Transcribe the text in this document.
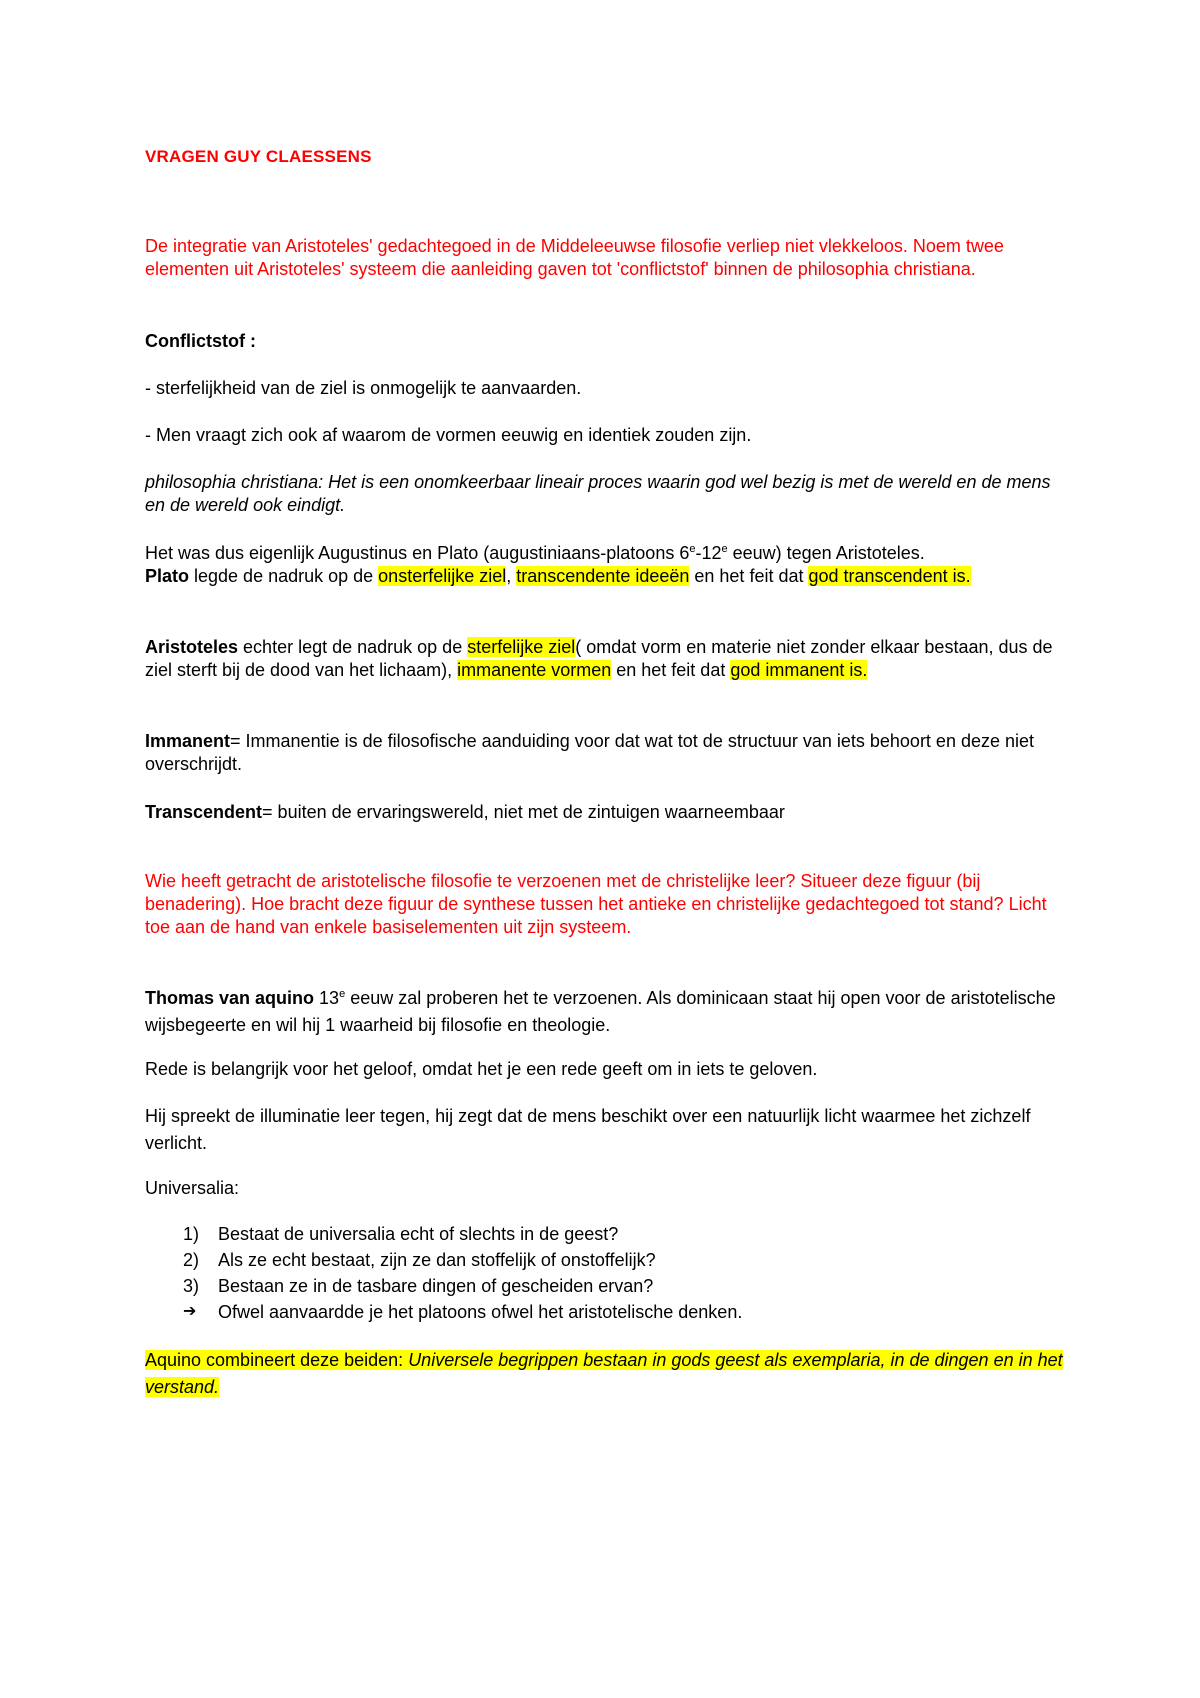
VRAGEN GUY CLAESSENS

De integratie van Aristoteles' gedachtegoed in de Middeleeuwse filosofie verliep niet vlekkeloos. Noem twee elementen uit Aristoteles' systeem die aanleiding gaven tot 'conflictstof' binnen de philosophia christiana.

Conflictstof :

- sterfelijkheid van de ziel is onmogelijk te aanvaarden.

- Men vraagt zich ook af waarom de vormen eeuwig en identiek zouden zijn.

philosophia christiana: Het is een onomkeerbaar lineair proces waarin god wel bezig is met de wereld en de mens en de wereld ook eindigt.

Het was dus eigenlijk Augustinus en Plato (augustiniaans-platoons 6e-12e eeuw) tegen Aristoteles.
Plato legde de nadruk op de onsterfelijke ziel, transcendente ideeën en het feit dat god transcendent is.

Aristoteles echter legt de nadruk op de sterfelijke ziel( omdat vorm en materie niet zonder elkaar bestaan, dus de ziel sterft bij de dood van het lichaam), immanente vormen en het feit dat god immanent is.

Immanent= Immanentie is de filosofische aanduiding voor dat wat tot de structuur van iets behoort en deze niet overschrijdt.

Transcendent= buiten de ervaringswereld, niet met de zintuigen waarneembaar

Wie heeft getracht de aristotelische filosofie te verzoenen met de christelijke leer? Situeer deze figuur (bij benadering). Hoe bracht deze figuur de synthese tussen het antieke en christelijke gedachtegoed tot stand? Licht toe aan de hand van enkele basiselementen uit zijn systeem.

Thomas van aquino 13e eeuw zal proberen het te verzoenen. Als dominicaan staat hij open voor de aristotelische wijsbegeerte en wil hij 1 waarheid bij filosofie en theologie.

Rede is belangrijk voor het geloof, omdat het je een rede geeft om in iets te geloven.

Hij spreekt de illuminatie leer tegen, hij zegt dat de mens beschikt over een natuurlijk licht waarmee het zichzelf verlicht.

Universalia:

1)	Bestaat de universalia echt of slechts in de geest?
2)	Als ze echt bestaat, zijn ze dan stoffelijk of onstoffelijk?
3)	Bestaan ze in de tasbare dingen of gescheiden ervan?
➔	Ofwel aanvaardde je het platoons ofwel het aristotelische denken.

Aquino combineert deze beiden: Universele begrippen bestaan in gods geest als exemplaria, in de dingen en in het verstand.
